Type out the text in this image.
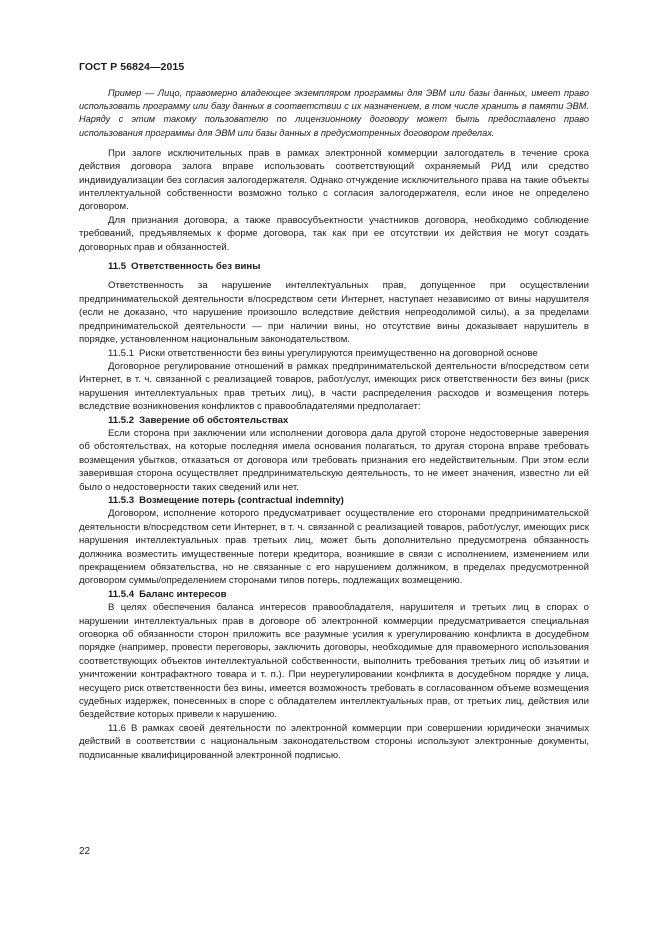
ГОСТ Р 56824—2015

Пример — Лицо, правомерно владеющее экземпляром программы для ЭВМ или базы данных, имеет право использовать программу или базу данных в соответствии с их назначением, в том числе хранить в памяти ЭВМ. Наряду с этим такому пользователю по лицензионному договору может быть предоставлено право использования программы для ЭВМ или базы данных в предусмотренных договором пределах.

При залоге исключительных прав в рамках электронной коммерции залогодатель в течение срока действия договора залога вправе использовать соответствующий охраняемый РИД или средство индивидуализации без согласия залогодержателя. Однако отчуждение исключительного права на такие объекты интеллектуальной собственности возможно только с согласия залогодержателя, если иное не определено договором.

Для признания договора, а также правосубъектности участников договора, необходимо соблюдение требований, предъявляемых к форме договора, так как при ее отсутствии их действия не могут создать договорных прав и обязанностей.

11.5 Ответственность без вины

Ответственность за нарушение интеллектуальных прав, допущенное при осуществлении предпринимательской деятельности в/посредством сети Интернет, наступает независимо от вины нарушителя (если не доказано, что нарушение произошло вследствие действия непреодолимой силы), а за пределами предпринимательской деятельности — при наличии вины, но отсутствие вины доказывает нарушитель в порядке, установленном национальным законодательством.

11.5.1 Риски ответственности без вины урегулируются преимущественно на договорной основе

Договорное регулирование отношений в рамках предпринимательской деятельности в/посредством сети Интернет, в т. ч. связанной с реализацией товаров, работ/услуг, имеющих риск ответственности без вины (риск нарушения интеллектуальных прав третьих лиц), в части распределения расходов и возмещения потерь вследствие возникновения конфликтов с правообладателями предполагает:

11.5.2 Заверение об обстоятельствах

Если сторона при заключении или исполнении договора дала другой стороне недостоверные заверения об обстоятельствах, на которые последняя имела основания полагаться, то другая сторона вправе требовать возмещения убытков, отказаться от договора или требовать признания его недействительным. При этом если заверившая сторона осуществляет предпринимательскую деятельность, то не имеет значения, известно ли ей было о недостоверности таких сведений или нет.

11.5.3 Возмещение потерь (contractual indemnity)

Договором, исполнение которого предусматривает осуществление его сторонами предпринимательской деятельности в/посредством сети Интернет, в т. ч. связанной с реализацией товаров, работ/услуг, имеющих риск нарушения интеллектуальных прав третьих лиц, может быть дополнительно предусмотрена обязанность должника возместить имущественные потери кредитора, возникшие в связи с исполнением, изменением или прекращением обязательства, но не связанные с его нарушением должником, в пределах предусмотренной договором суммы/определением сторонами типов потерь, подлежащих возмещению.

11.5.4 Баланс интересов

В целях обеспечения баланса интересов правообладателя, нарушителя и третьих лиц в спорах о нарушении интеллектуальных прав в договоре об электронной коммерции предусматривается специальная оговорка об обязанности сторон приложить все разумные усилия к урегулированию конфликта в досудебном порядке (например, провести переговоры, заключить договоры, необходимые для правомерного использования соответствующих объектов интеллектуальной собственности, выполнить требования третьих лиц об изъятии и уничтожении контрафактного товара и т. п.). При неурегулировании конфликта в досудебном порядке у лица, несущего риск ответственности без вины, имеется возможность требовать в согласованном объеме возмещения судебных издержек, понесенных в споре с обладателем интеллектуальных прав, от третьих лиц, действия или бездействие которых привели к нарушению.

11.6 В рамках своей деятельности по электронной коммерции при совершении юридически значимых действий в соответствии с национальным законодательством стороны используют электронные документы, подписанные квалифицированной электронной подписью.

22
